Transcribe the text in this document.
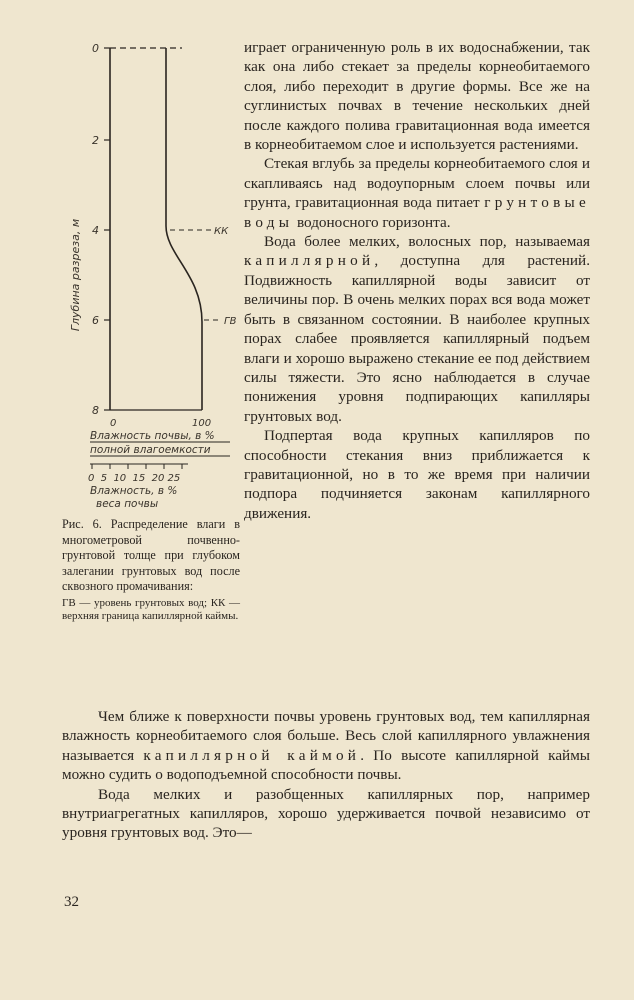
Глубина разреза, м
0
2
4
6
8
КК
ГВ
0	100
Влажность почвы, в %
полной влагоемкости
0  5  10  15  20 25
Влажность, в %
веса почвы

Рис. 6. Распределение влаги в многометровой почвенно-грунтовой толще при глубоком залегании грунтовых вод после сквозного промачивания:

ГВ — уровень грунтовых вод; КК — верхняя граница капиллярной каймы.

играет ограниченную роль в их водоснабжении, так как она либо стекает за пределы корнеобитаемого слоя, либо переходит в другие формы. Все же на суглинистых почвах в течение нескольких дней после каждого полива гравитационная вода имеется в корнеобитаемом слое и используется растениями.

Стекая вглубь за пределы корнеобитаемого слоя и скапливаясь над водоупорным слоем почвы или грунта, гравитационная вода питает грунтовые воды водоносного горизонта.

Вода более мелких, волосных пор, называемая капиллярной, доступна для растений. Подвижность капиллярной воды зависит от величины пор. В очень мелких порах вся вода может быть в связанном состоянии. В наиболее крупных порах слабее проявляется капиллярный подъем влаги и хорошо выражено стекание ее под действием силы тяжести. Это ясно наблюдается в случае понижения уровня подпирающих капилляры грунтовых вод.

Подпертая вода крупных капилляров по способности стекания вниз приближается к гравитационной, но в то же время при наличии подпора подчиняется законам капиллярного движения.

Чем ближе к поверхности почвы уровень грунтовых вод, тем капиллярная влажность корнеобитаемого слоя больше. Весь слой капиллярного увлажнения называется капиллярной каймой. По высоте капиллярной каймы можно судить о водоподъемной способности почвы.

Вода мелких и разобщенных капиллярных пор, например внутриагрегатных капилляров, хорошо удерживается почвой независимо от уровня грунтовых вод. Это—

32
